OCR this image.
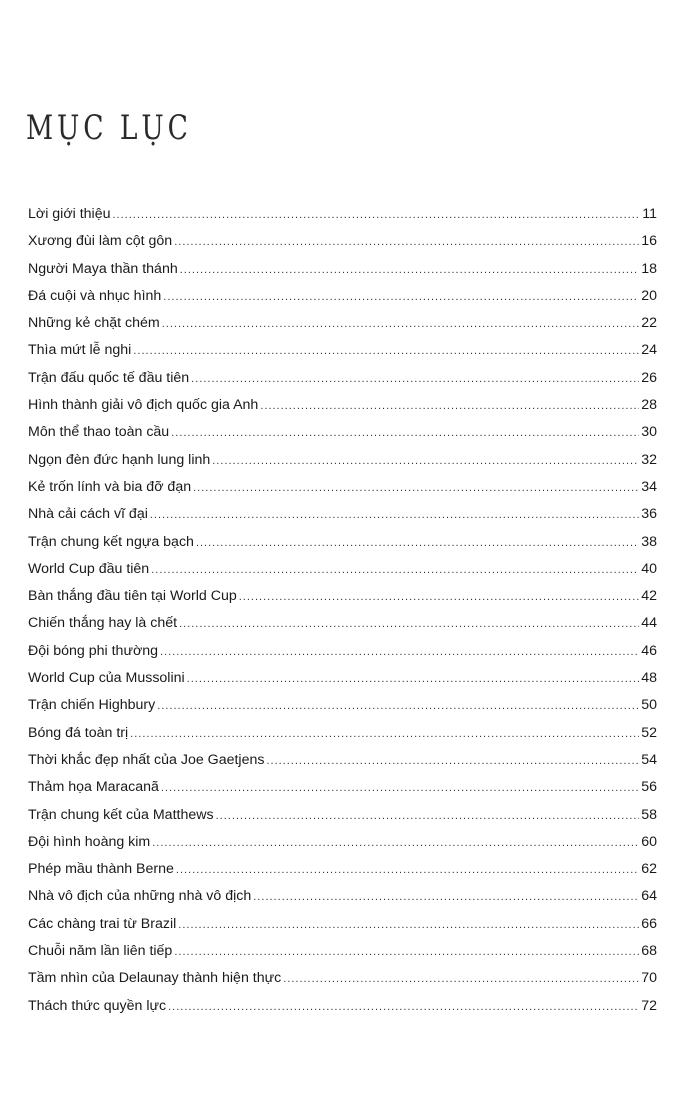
MỤC LỤC
Lời giới thiệu .....	11
Xương đùi làm cột gôn .....	16
Người Maya thần thánh .....	18
Đá cuội và nhục hình .....	20
Những kẻ chặt chém .....	22
Thìa mứt lễ nghi .....	24
Trận đấu quốc tế đầu tiên .....	26
Hình thành giải vô địch quốc gia Anh .....	28
Môn thể thao toàn cầu .....	30
Ngọn đèn đức hạnh lung linh .....	32
Kẻ trốn lính và bia đỡ đạn .....	34
Nhà cải cách vĩ đại .....	36
Trận chung kết ngựa bạch .....	38
World Cup đầu tiên .....	40
Bàn thắng đầu tiên tại World Cup .....	42
Chiến thắng hay là chết .....	44
Đội bóng phi thường .....	46
World Cup của Mussolini .....	48
Trận chiến Highbury .....	50
Bóng đá toàn trị .....	52
Thời khắc đẹp nhất của Joe Gaetjens .....	54
Thảm họa Maracanã .....	56
Trận chung kết của Matthews .....	58
Đội hình hoàng kim .....	60
Phép mầu thành Berne .....	62
Nhà vô địch của những nhà vô địch .....	64
Các chàng trai từ Brazil .....	66
Chuỗi năm lần liên tiếp .....	68
Tầm nhìn của Delaunay thành hiện thực .....	70
Thách thức quyền lực .....	72
